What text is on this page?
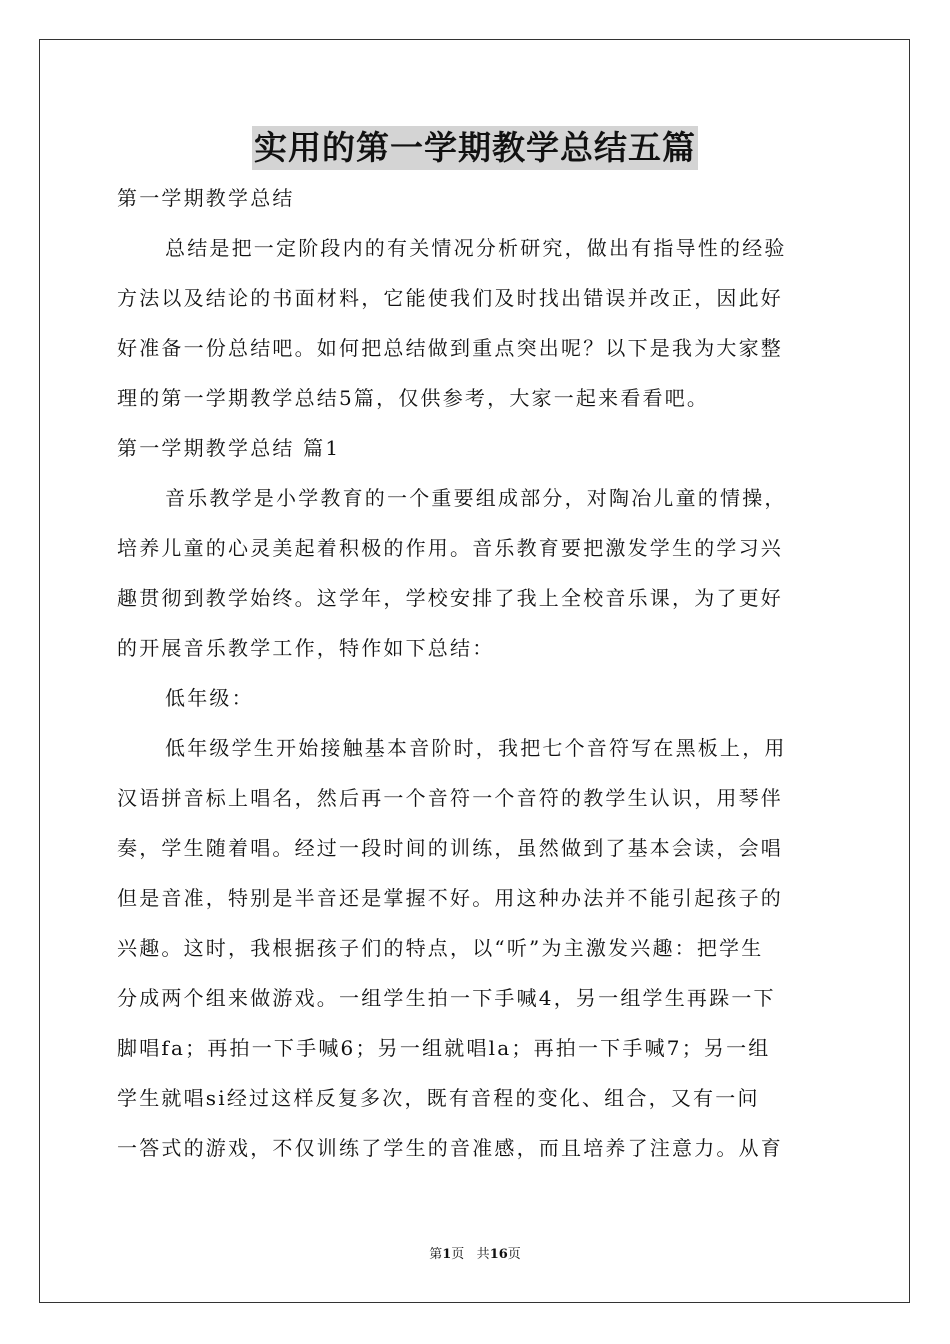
实用的第一学期教学总结五篇
第一学期教学总结
总结是把一定阶段内的有关情况分析研究，做出有指导性的经验
方法以及结论的书面材料，它能使我们及时找出错误并改正，因此好
好准备一份总结吧。如何把总结做到重点突出呢？以下是我为大家整
理的第一学期教学总结5篇，仅供参考，大家一起来看看吧。
第一学期教学总结 篇1
音乐教学是小学教育的一个重要组成部分，对陶冶儿童的情操，
培养儿童的心灵美起着积极的作用。音乐教育要把激发学生的学习兴
趣贯彻到教学始终。这学年，学校安排了我上全校音乐课，为了更好
的开展音乐教学工作，特作如下总结：
低年级：
低年级学生开始接触基本音阶时，我把七个音符写在黑板上，用
汉语拼音标上唱名，然后再一个音符一个音符的教学生认识，用琴伴
奏，学生随着唱。经过一段时间的训练，虽然做到了基本会读，会唱
但是音准，特别是半音还是掌握不好。用这种办法并不能引起孩子的
兴趣。这时，我根据孩子们的特点，以“听”为主激发兴趣：把学生
分成两个组来做游戏。一组学生拍一下手喊4，另一组学生再跺一下
脚唱fa；再拍一下手喊6；另一组就唱la；再拍一下手喊7；另一组
学生就唱si经过这样反复多次，既有音程的变化、组合，又有一问
一答式的游戏，不仅训练了学生的音准感，而且培养了注意力。从育
第1页 共16页
